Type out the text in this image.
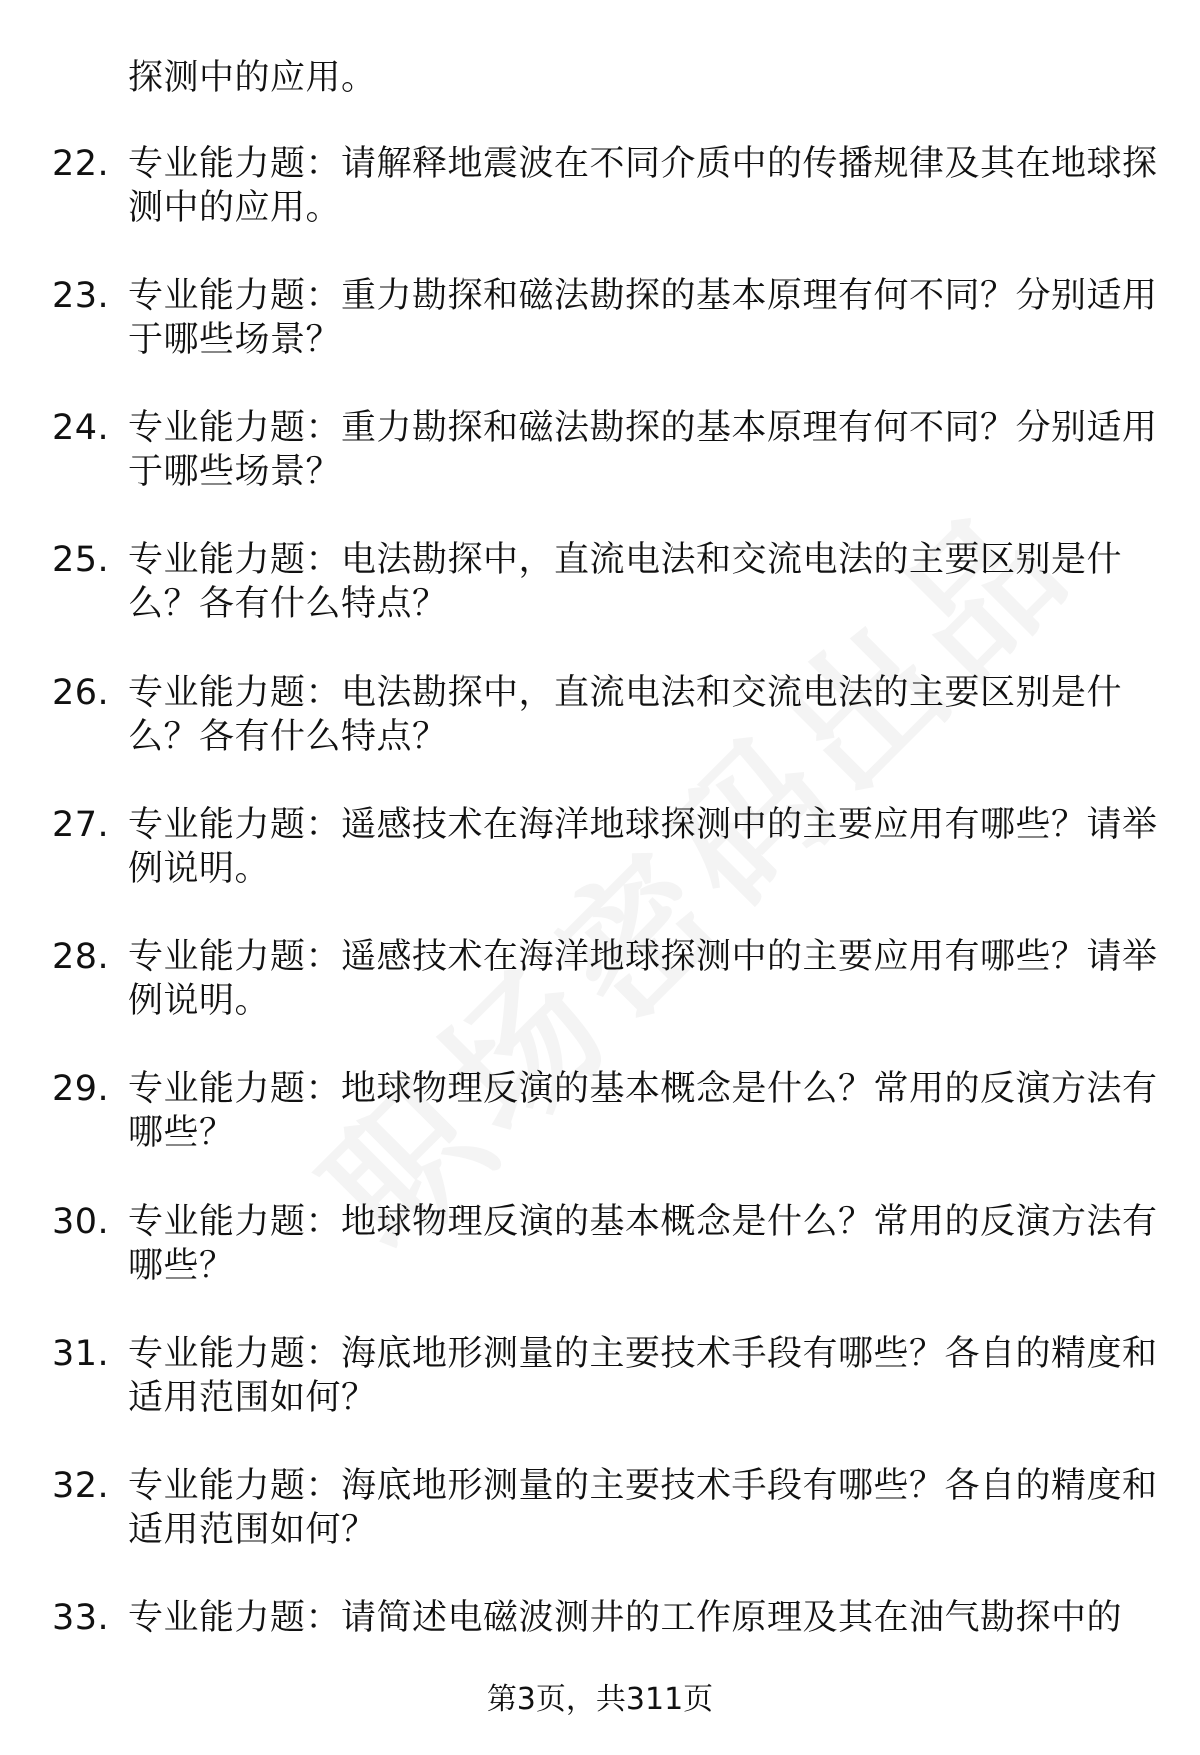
探测中的应用。
22. 专业能力题：请解释地震波在不同介质中的传播规律及其在地球探测中的应用。
23. 专业能力题：重力勘探和磁法勘探的基本原理有何不同？分别适用于哪些场景？
24. 专业能力题：重力勘探和磁法勘探的基本原理有何不同？分别适用于哪些场景？
25. 专业能力题：电法勘探中，直流电法和交流电法的主要区别是什么？各有什么特点？
26. 专业能力题：电法勘探中，直流电法和交流电法的主要区别是什么？各有什么特点？
27. 专业能力题：遥感技术在海洋地球探测中的主要应用有哪些？请举例说明。
28. 专业能力题：遥感技术在海洋地球探测中的主要应用有哪些？请举例说明。
29. 专业能力题：地球物理反演的基本概念是什么？常用的反演方法有哪些？
30. 专业能力题：地球物理反演的基本概念是什么？常用的反演方法有哪些？
31. 专业能力题：海底地形测量的主要技术手段有哪些？各自的精度和适用范围如何？
32. 专业能力题：海底地形测量的主要技术手段有哪些？各自的精度和适用范围如何？
33. 专业能力题：请简述电磁波测井的工作原理及其在油气勘探中的
第3页，共311页
